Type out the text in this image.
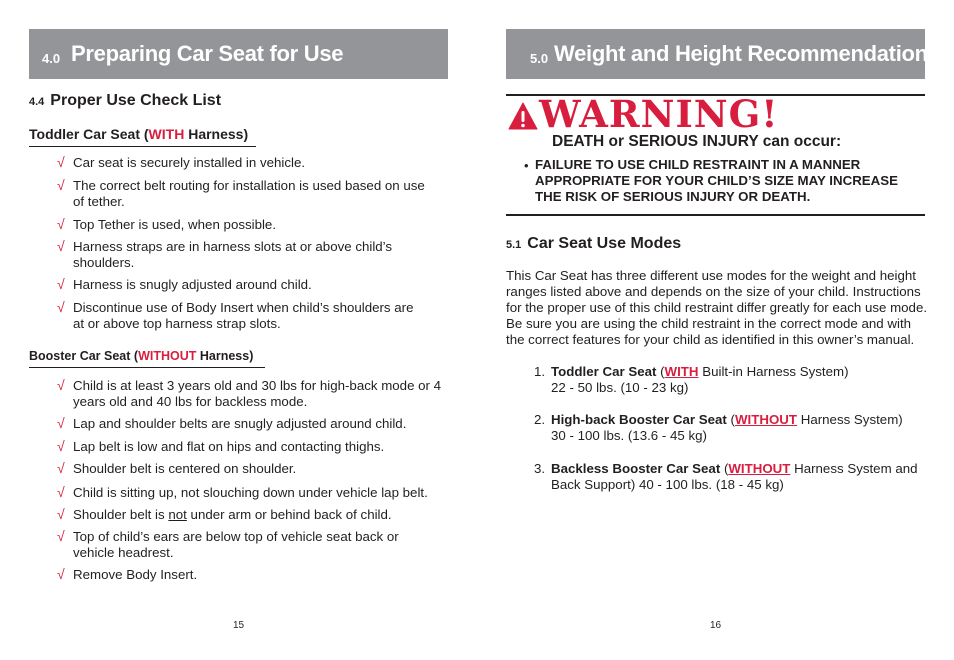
4.0 Preparing Car Seat for Use
4.4 Proper Use Check List
Toddler Car Seat (WITH Harness)
√ Car seat is securely installed in vehicle.
√ The correct belt routing for installation is used based on use
of tether.
√ Top Tether is used, when possible.
√ Harness straps are in harness slots at or above child’s
shoulders.
√ Harness is snugly adjusted around child.
√ Discontinue use of Body Insert when child’s shoulders are
at or above top harness strap slots.
Booster Car Seat (WITHOUT Harness)
√ Child is at least 3 years old and 30 lbs for high-back mode or 4
years old and 40 lbs for backless mode.
√ Lap and shoulder belts are snugly adjusted around child.
√ Lap belt is low and flat on hips and contacting thighs.
√ Shoulder belt is centered on shoulder.
√ Child is sitting up, not slouching down under vehicle lap belt.
√ Shoulder belt is not under arm or behind back of child.
√ Top of child’s ears are below top of vehicle seat back or
vehicle headrest.
√ Remove Body Insert.
15
5.0 Weight and Height Recommendations
WARNING!
DEATH or SERIOUS INJURY can occur:
• FAILURE TO USE CHILD RESTRAINT IN A MANNER
APPROPRIATE FOR YOUR CHILD’S SIZE MAY INCREASE
THE RISK OF SERIOUS INJURY OR DEATH.
5.1 Car Seat Use Modes
This Car Seat has three different use modes for the weight and height
ranges listed above and depends on the size of your child. Instructions
for the proper use of this child restraint differ greatly for each use mode.
Be sure you are using the child restraint in the correct mode and with
the correct features for your child as identified in this owner’s manual.
1. Toddler Car Seat (WITH Built-in Harness System)
22 - 50 lbs. (10 - 23 kg)
2. High-back Booster Car Seat (WITHOUT Harness System)
30 - 100 lbs. (13.6 - 45 kg)
3. Backless Booster Car Seat (WITHOUT Harness System and
Back Support) 40 - 100 lbs. (18 - 45 kg)
16
